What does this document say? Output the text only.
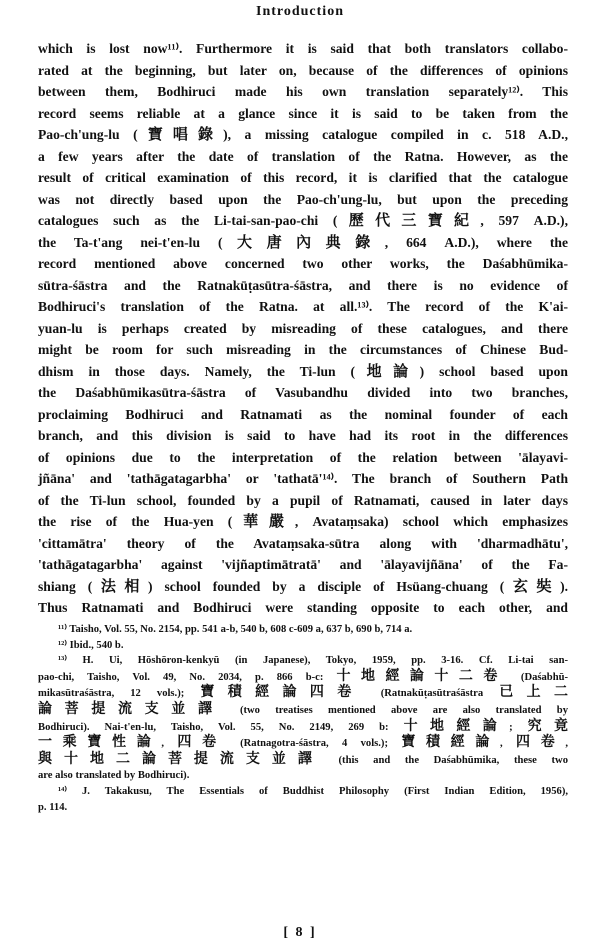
Introduction
which is lost now¹¹⁾. Furthermore it is said that both translators collabo-
rated at the beginning, but later on, because of the differences of opinions
between them, Bodhiruci made his own translation separately¹²⁾. This
record seems reliable at a glance since it is said to be taken from the
Pao-ch'ung-lu (寶唱錄), a missing catalogue compiled in c. 518 A.D.,
a few years after the date of translation of the Ratna. However, as the
result of critical examination of this record, it is clarified that the catalogue
was not directly based upon the Pao-ch'ung-lu, but upon the preceding
catalogues such as the Li-tai-san-pao-chi (歷代三寶紀, 597 A.D.),
the Ta-t'ang nei-t'en-lu (大唐內典錄, 664 A.D.), where the
record mentioned above concerned two other works, the Daśabhūmika-
sūtra-śāstra and the Ratnakūṭasūtra-śāstra, and there is no evidence of
Bodhiruci's translation of the Ratna. at all.¹³⁾. The record of the K'ai-
yuan-lu is perhaps created by misreading of these catalogues, and there
might be room for such misreading in the circumstances of Chinese Bud-
dhism in those days. Namely, the Ti-lun (地論) school based upon
the Daśabhūmikasūtra-śāstra of Vasubandhu divided into two branches,
proclaiming Bodhiruci and Ratnamati as the nominal founder of each
branch, and this division is said to have had its root in the differences
of opinions due to the interpretation of the relation between 'ālayavi-
jñāna' and 'tathāgatagarbha' or 'tathatā'¹⁴⁾. The branch of Southern Path
of the Ti-lun school, founded by a pupil of Ratnamati, caused in later days
the rise of the Hua-yen (華嚴, Avataṃsaka) school which emphasizes
'cittamātra' theory of the Avataṃsaka-sūtra along with 'dharmadhātu',
'tathāgatagarbha' against 'vijñaptimātratā' and 'ālayavijñāna' of the Fa-
shiang (法相) school founded by a disciple of Hsüang-chuang (玄奘).
Thus Ratnamati and Bodhiruci were standing opposite to each other, and
¹¹⁾ Taisho, Vol. 55, No. 2154, pp. 541 a-b, 540 b, 608 c-609 a, 637 b, 690 b, 714 a.
¹²⁾ Ibid., 540 b.
¹³⁾ H. Ui, Hōshōron-kenkyū (in Japanese), Tokyo, 1959, pp. 3-16. Cf. Li-tai san-
pao-chi, Taisho, Vol. 49, No. 2034, p. 866 b-c: 十地經論十二卷 (Daśabhū-
mikasūtraśāstra, 12 vols.); 寶積經論四卷 (Ratnakūṭasūtraśāstra 已上二
論菩提流支並譯 (two treatises mentioned above are also translated by
Bodhiruci). Nai-t'en-lu, Taisho, Vol. 55, No. 2149, 269 b: 十地經論; 究竟
一乘寶性論, 四卷 (Ratnagotra-śāstra, 4 vols.); 寶積經論, 四卷,
與十地二論菩提流支並譯 (this and the Daśabhūmika, these two
are also translated by Bodhiruci).
¹⁴⁾ J. Takakusu, The Essentials of Buddhist Philosophy (First Indian Edition, 1956),
p. 114.
[ 8 ]
